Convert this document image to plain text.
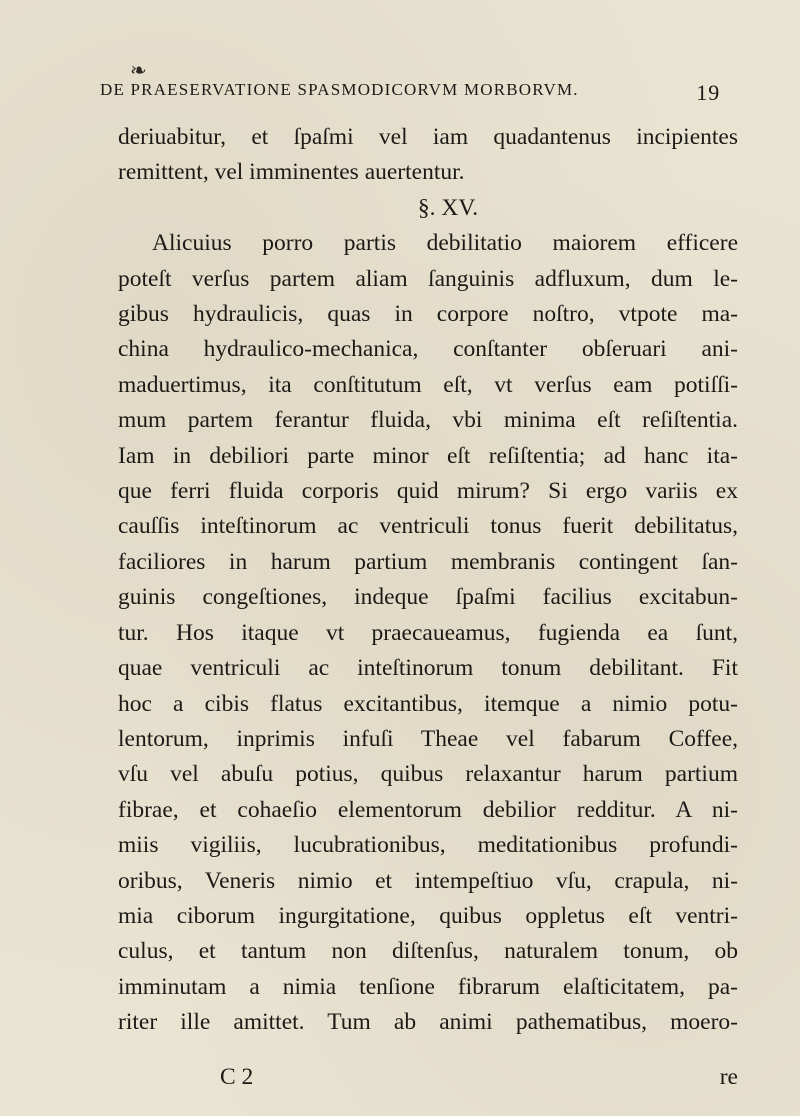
❧
DE PRAESERVATIONE SPASMODICORVM MORBORVM.	19
deriuabitur, et ſpaſmi vel iam quadantenus incipientes
remittent, vel imminentes auertentur.
§. XV.
Alicuius porro partis debilitatio maiorem efficere
poteſt verſus partem aliam ſanguinis adfluxum, dum le-
gibus hydraulicis, quas in corpore noſtro, vtpote ma-
china hydraulico-mechanica, conſtanter obſeruari ani-
maduertimus, ita conſtitutum eſt, vt verſus eam potiſſi-
mum partem ferantur fluida, vbi minima eſt reſiſtentia.
Iam in debiliori parte minor eſt reſiſtentia; ad hanc ita-
que ferri fluida corporis quid mirum? Si ergo variis ex
cauſſis inteſtinorum ac ventriculi tonus fuerit debilitatus,
faciliores in harum partium membranis contingent ſan-
guinis congeſtiones, indeque ſpaſmi facilius excitabun-
tur. Hos itaque vt praecaueamus, fugienda ea ſunt,
quae ventriculi ac inteſtinorum tonum debilitant. Fit
hoc a cibis flatus excitantibus, itemque a nimio potu-
lentorum, inprimis infuſi Theae vel fabarum Coffee,
vſu vel abuſu potius, quibus relaxantur harum partium
fibrae, et cohaeſio elementorum debilior redditur. A ni-
miis vigiliis, lucubrationibus, meditationibus profundi-
oribus, Veneris nimio et intempeſtiuo vſu, crapula, ni-
mia ciborum ingurgitatione, quibus oppletus eſt ventri-
culus, et tantum non diſtenſus, naturalem tonum, ob
imminutam a nimia tenſione fibrarum elaſticitatem, pa-
riter ille amittet. Tum ab animi pathematibus, moero-
C 2	re
